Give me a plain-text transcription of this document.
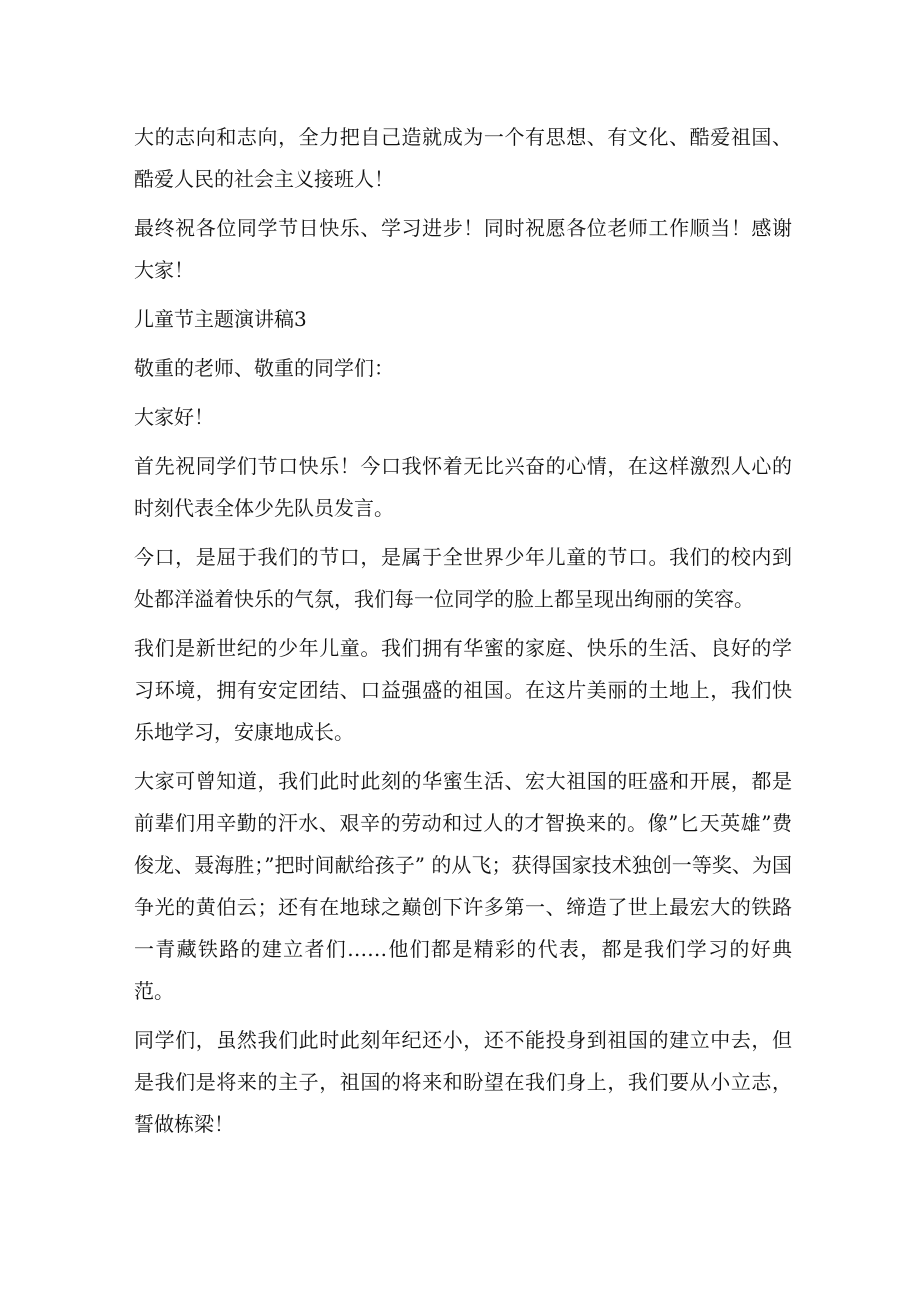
大的志向和志向，全力把自己造就成为一个有思想、有文化、酷爱祖国、酷爱人民的社会主义接班人！

最终祝各位同学节日快乐、学习进步！同时祝愿各位老师工作顺当！感谢大家！

儿童节主题演讲稿3

敬重的老师、敬重的同学们：

大家好！

首先祝同学们节口快乐！今口我怀着无比兴奋的心情，在这样激烈人心的时刻代表全体少先队员发言。

今口，是屈于我们的节口，是属于全世界少年儿童的节口。我们的校内到处都洋溢着快乐的气氛，我们每一位同学的脸上都呈现出绚丽的笑容。

我们是新世纪的少年儿童。我们拥有华蜜的家庭、快乐的生活、良好的学习环境，拥有安定团结、口益强盛的祖国。在这片美丽的土地上，我们快乐地学习，安康地成长。

大家可曾知道，我们此时此刻的华蜜生活、宏大祖国的旺盛和开展，都是前辈们用辛勤的汗水、艰辛的劳动和过人的才智换来的。像”匕天英雄”费俊龙、聂海胜；”把时间献给孩子” 的从飞；获得国家技术独创一等奖、为国争光的黄伯云；还有在地球之巅创下许多第一、缔造了世上最宏大的铁路一青藏铁路的建立者们……他们都是精彩的代表，都是我们学习的好典范。

同学们，虽然我们此时此刻年纪还小，还不能投身到祖国的建立中去，但是我们是将来的主子，祖国的将来和盼望在我们身上，我们要从小立志，誓做栋梁！
